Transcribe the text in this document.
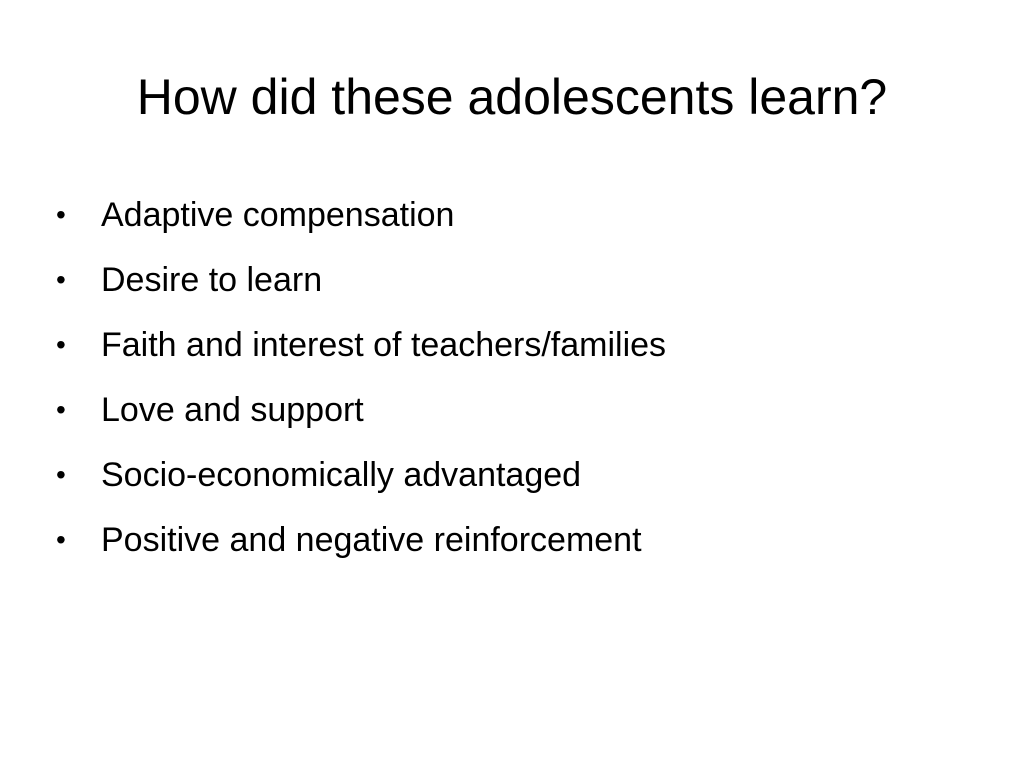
How did these adolescents learn?
•	Adaptive compensation
•	Desire to learn
•	Faith and interest of teachers/families
•	Love and support
•	Socio-economically advantaged
•	Positive and negative reinforcement
